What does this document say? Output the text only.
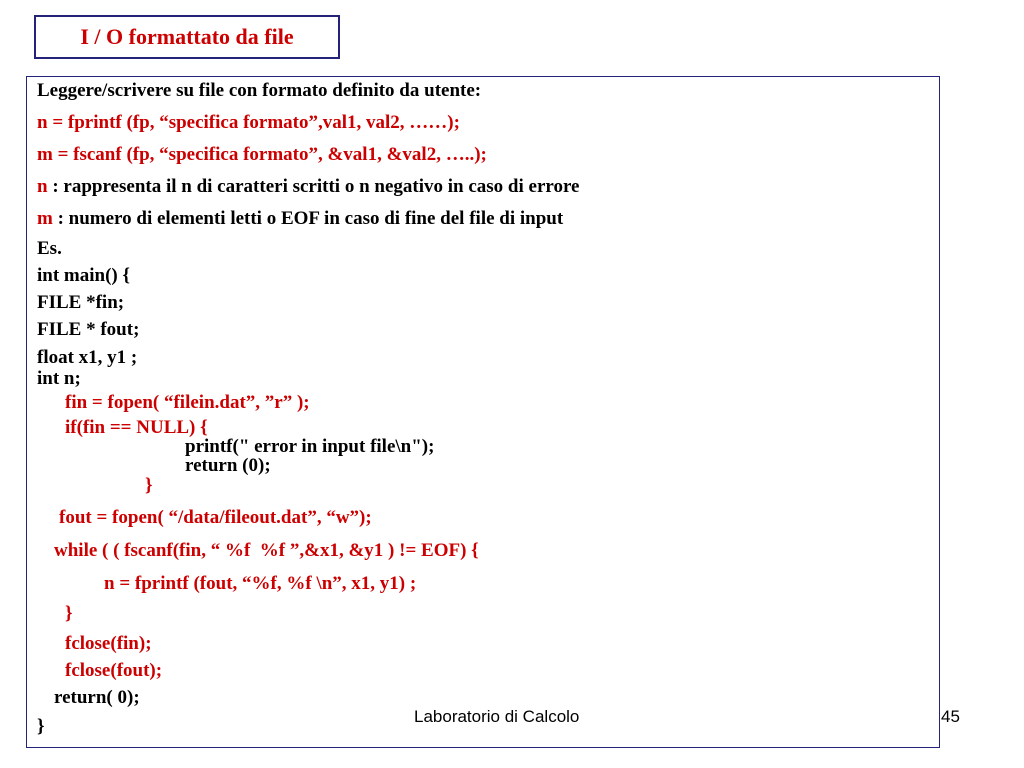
I / O formattato da file
Leggere/scrivere su file con formato definito da utente:
n = fprintf (fp, “specifica formato”,val1, val2, ……);
m = fscanf (fp, “specifica formato”, &val1, &val2, …..);
n : rappresenta il n di caratteri scritti o n negativo in caso di errore
m : numero di elementi letti o EOF in caso di fine del file di input
Es.
int main() {
FILE *fin;
FILE * fout;
float x1, y1 ;
int n;
fin = fopen( “filein.dat”, ”r” );
if(fin == NULL) {
printf(" error in input file\n");
return (0);
}
fout = fopen( “/data/fileout.dat”, “w”);
while ( ( fscanf(fin, “ %f  %f ”,&x1, &y1 ) != EOF) {
n = fprintf (fout, “%f, %f \n”, x1, y1) ;
}
fclose(fin);
fclose(fout);
return( 0);
}	Laboratorio di Calcolo	45
